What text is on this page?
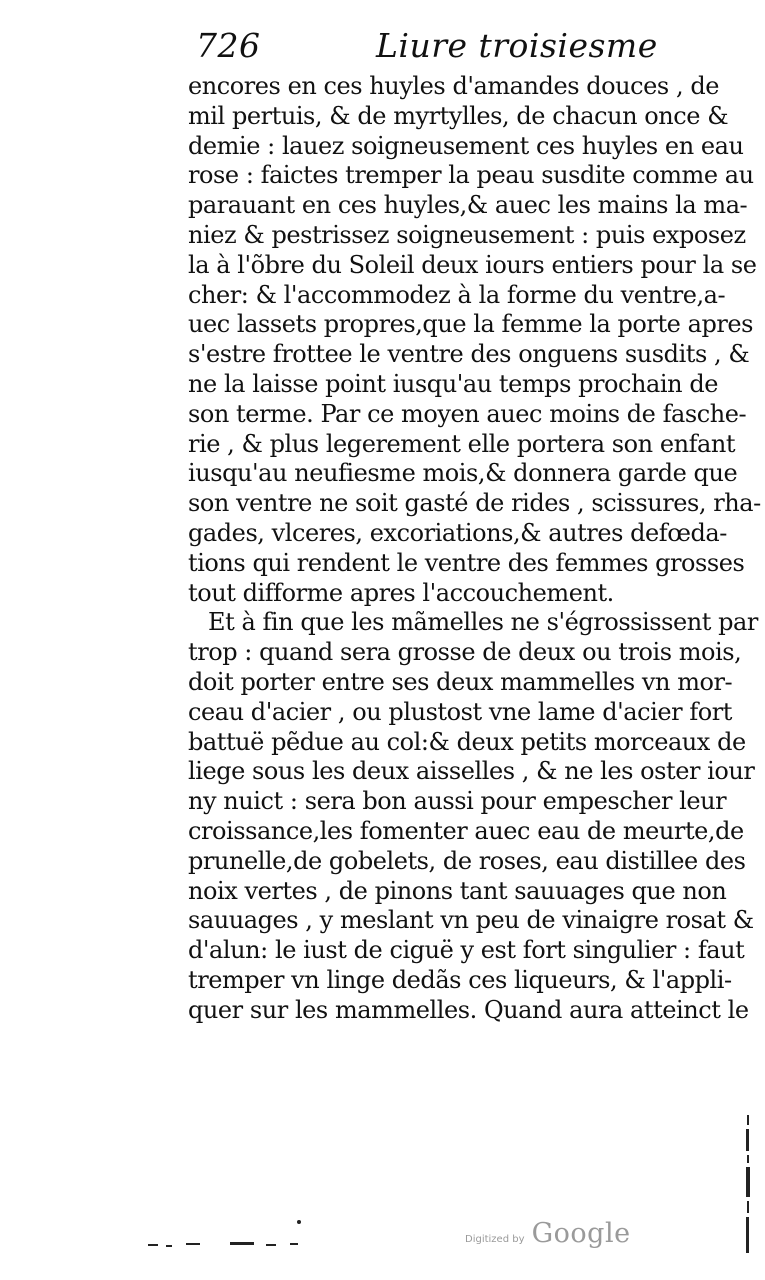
726	Liure troisiesme
encores en ces huyles d'amandes douces , de
mil pertuis, & de myrtylles, de chacun once &
demie : lauez soigneusement ces huyles en eau
rose : faictes tremper la peau susdite comme au
parauant en ces huyles,& auec les mains la ma-
niez & pestrissez soigneusement : puis exposez
la à l'õbre du Soleil deux iours entiers pour la se
cher: & l'accommodez à la forme du ventre,a-
uec lassets propres,que la femme la porte apres
s'estre frottee le ventre des onguens susdits , &
ne la laisse point iusqu'au temps prochain de
son terme. Par ce moyen auec moins de fasche-
rie , & plus legerement elle portera son enfant
iusqu'au neufiesme mois,& donnera garde que
son ventre ne soit gasté de rides , scissures, rha-
gades, vlceres, excoriations,& autres defœda-
tions qui rendent le ventre des femmes grosses
tout difforme apres l'accouchement.
Et à fin que les mãmelles ne s'égrossissent par
trop : quand sera grosse de deux ou trois mois,
doit porter entre ses deux mammelles vn mor-
ceau d'acier , ou plustost vne lame d'acier fort
battuë pẽdue au col:& deux petits morceaux de
liege sous les deux aisselles , & ne les oster iour
ny nuict : sera bon aussi pour empescher leur
croissance,les fomenter auec eau de meurte,de
prunelle,de gobelets, de roses, eau distillee des
noix vertes , de pinons tant sauuages que non
sauuages , y meslant vn peu de vinaigre rosat &
d'alun: le iust de ciguë y est fort singulier : faut
tremper vn linge dedãs ces liqueurs, & l'appli-
quer sur les mammelles. Quand aura atteinct le
Digitized by Google
